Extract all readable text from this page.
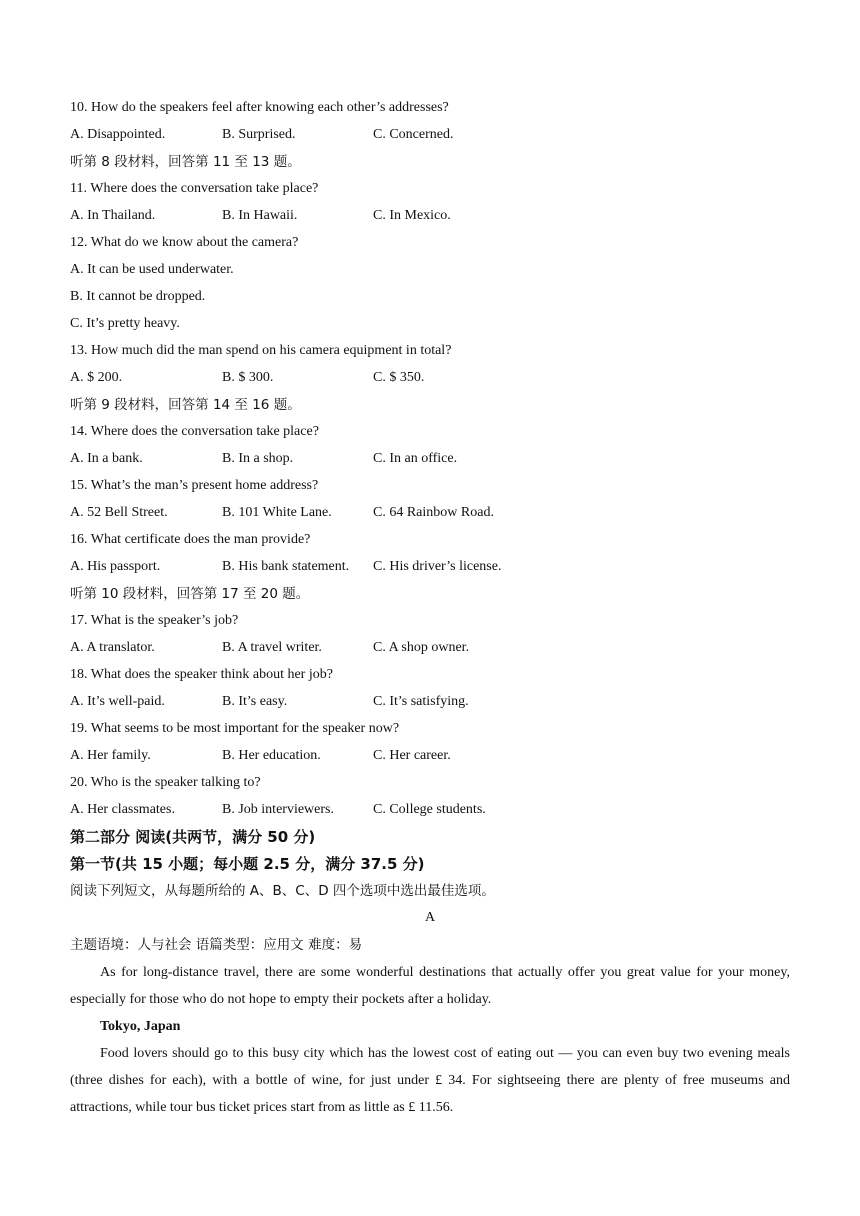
10. How do the speakers feel after knowing each other’s addresses?
A. Disappointed.	B. Surprised.	C. Concerned.
听第 8 段材料，回答第 11 至 13 题。
11. Where does the conversation take place?
A. In Thailand.	B. In Hawaii.	C. In Mexico.
12. What do we know about the camera?
A. It can be used underwater.
B. It cannot be dropped.
C. It’s pretty heavy.
13. How much did the man spend on his camera equipment in total?
A. $ 200.	B. $ 300.	C. $ 350.
听第 9 段材料，回答第 14 至 16 题。
14. Where does the conversation take place?
A. In a bank.	B. In a shop.	C. In an office.
15. What’s the man’s present home address?
A. 52 Bell Street.	B. 101 White Lane.	C. 64 Rainbow Road.
16. What certificate does the man provide?
A. His passport.	B. His bank statement. C. His driver’s license.
听第 10 段材料，回答第 17 至 20 题。
17. What is the speaker’s job?
A. A translator.	B. A travel writer.	C. A shop owner.
18. What does the speaker think about her job?
A. It’s well-paid.	B. It’s easy.	C. It’s satisfying.
19. What seems to be most important for the speaker now?
A. Her family.	B. Her education.	C. Her career.
20. Who is the speaker talking to?
A. Her classmates.	B. Job interviewers.	C. College students.
第二部分 阅读(共两节，满分 50 分)
第一节(共 15 小题；每小题 2.5 分，满分 37.5 分)
阅读下列短文，从每题所给的 A、B、C、D 四个选项中选出最佳选项。
A
主题语境：人与社会 语篇类型：应用文 难度：易
As for long-distance travel, there are some wonderful destinations that actually offer you great value for your money, especially for those who do not hope to empty their pockets after a holiday.
Tokyo, Japan
Food lovers should go to this busy city which has the lowest cost of eating out — you can even buy two evening meals (three dishes for each), with a bottle of wine, for just under £ 34. For sightseeing there are plenty of free museums and attractions, while tour bus ticket prices start from as little as £ 11.56.
